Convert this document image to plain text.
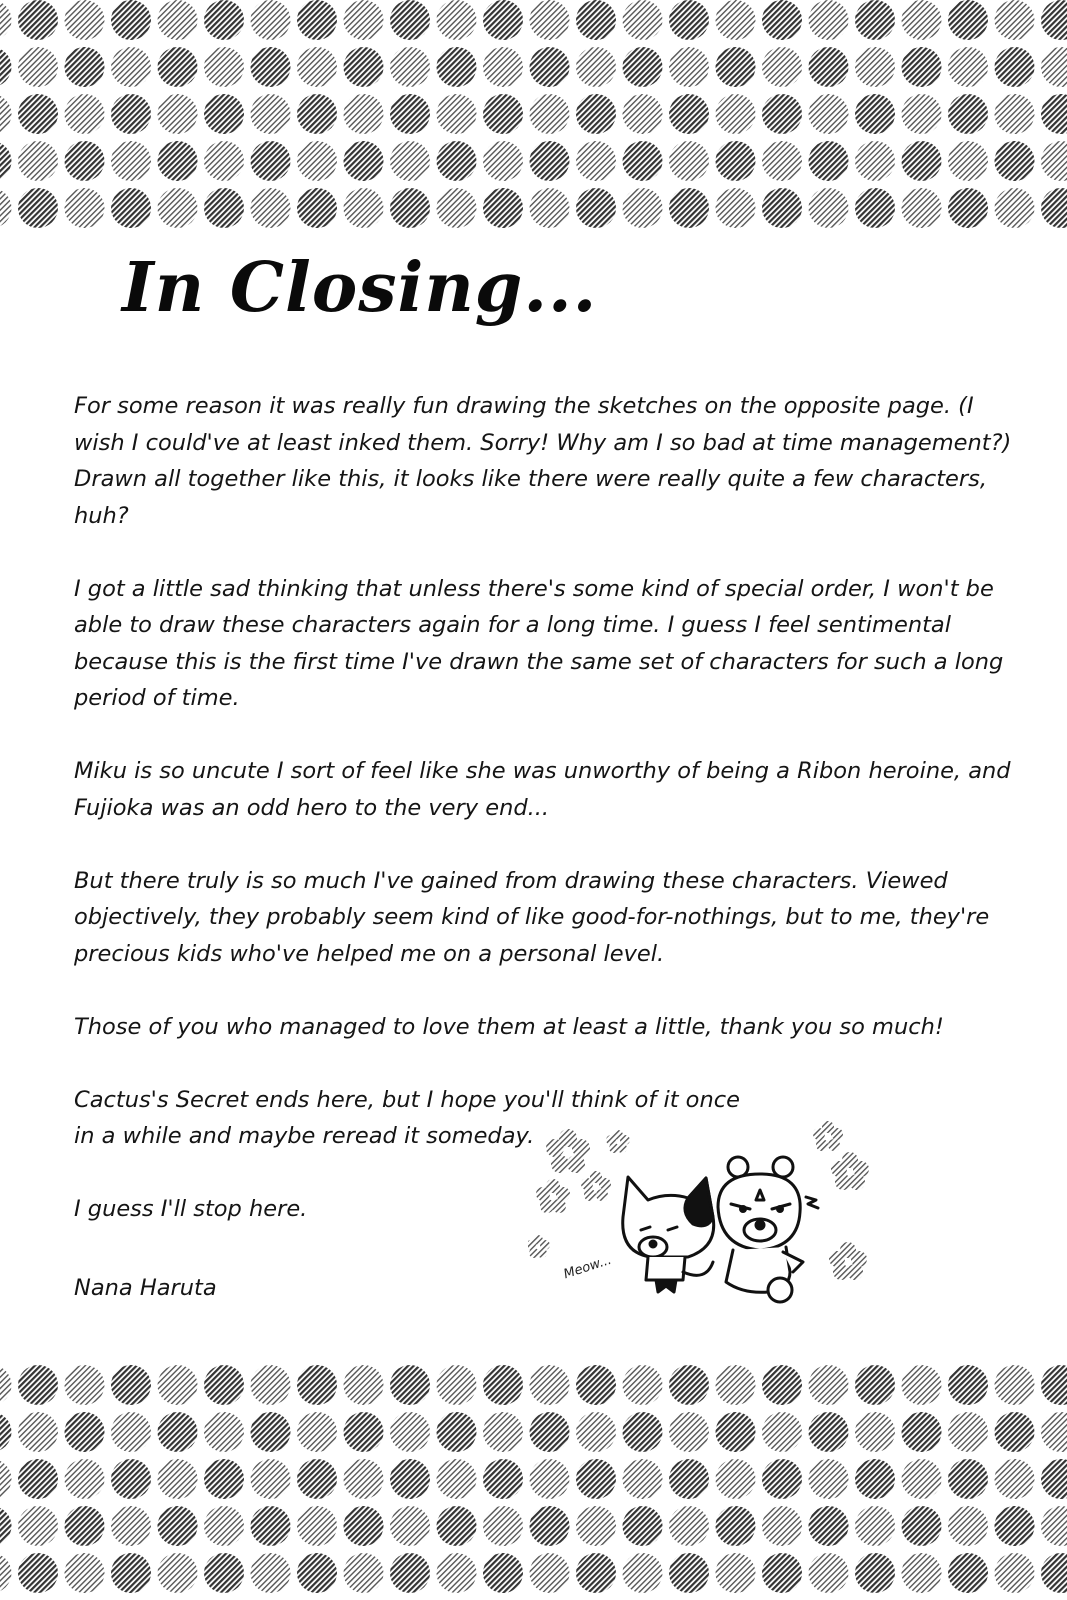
In Closing...

For some reason it was really fun drawing the sketches on the opposite page. (I wish I could've at least inked them. Sorry! Why am I so bad at time management?) Drawn all together like this, it looks like there were really quite a few characters, huh?

I got a little sad thinking that unless there's some kind of special order, I won't be able to draw these characters again for a long time. I guess I feel sentimental because this is the first time I've drawn the same set of characters for such a long period of time.

Miku is so uncute I sort of feel like she was unworthy of being a Ribon heroine, and Fujioka was an odd hero to the very end...

But there truly is so much I've gained from drawing these characters. Viewed objectively, they probably seem kind of like good-for-nothings, but to me, they're precious kids who've helped me on a personal level.

Those of you who managed to love them at least a little, thank you so much!

Cactus's Secret ends here, but I hope you'll think of it once in a while and maybe reread it someday.

I guess I'll stop here.

Nana Haruta
Meow...
